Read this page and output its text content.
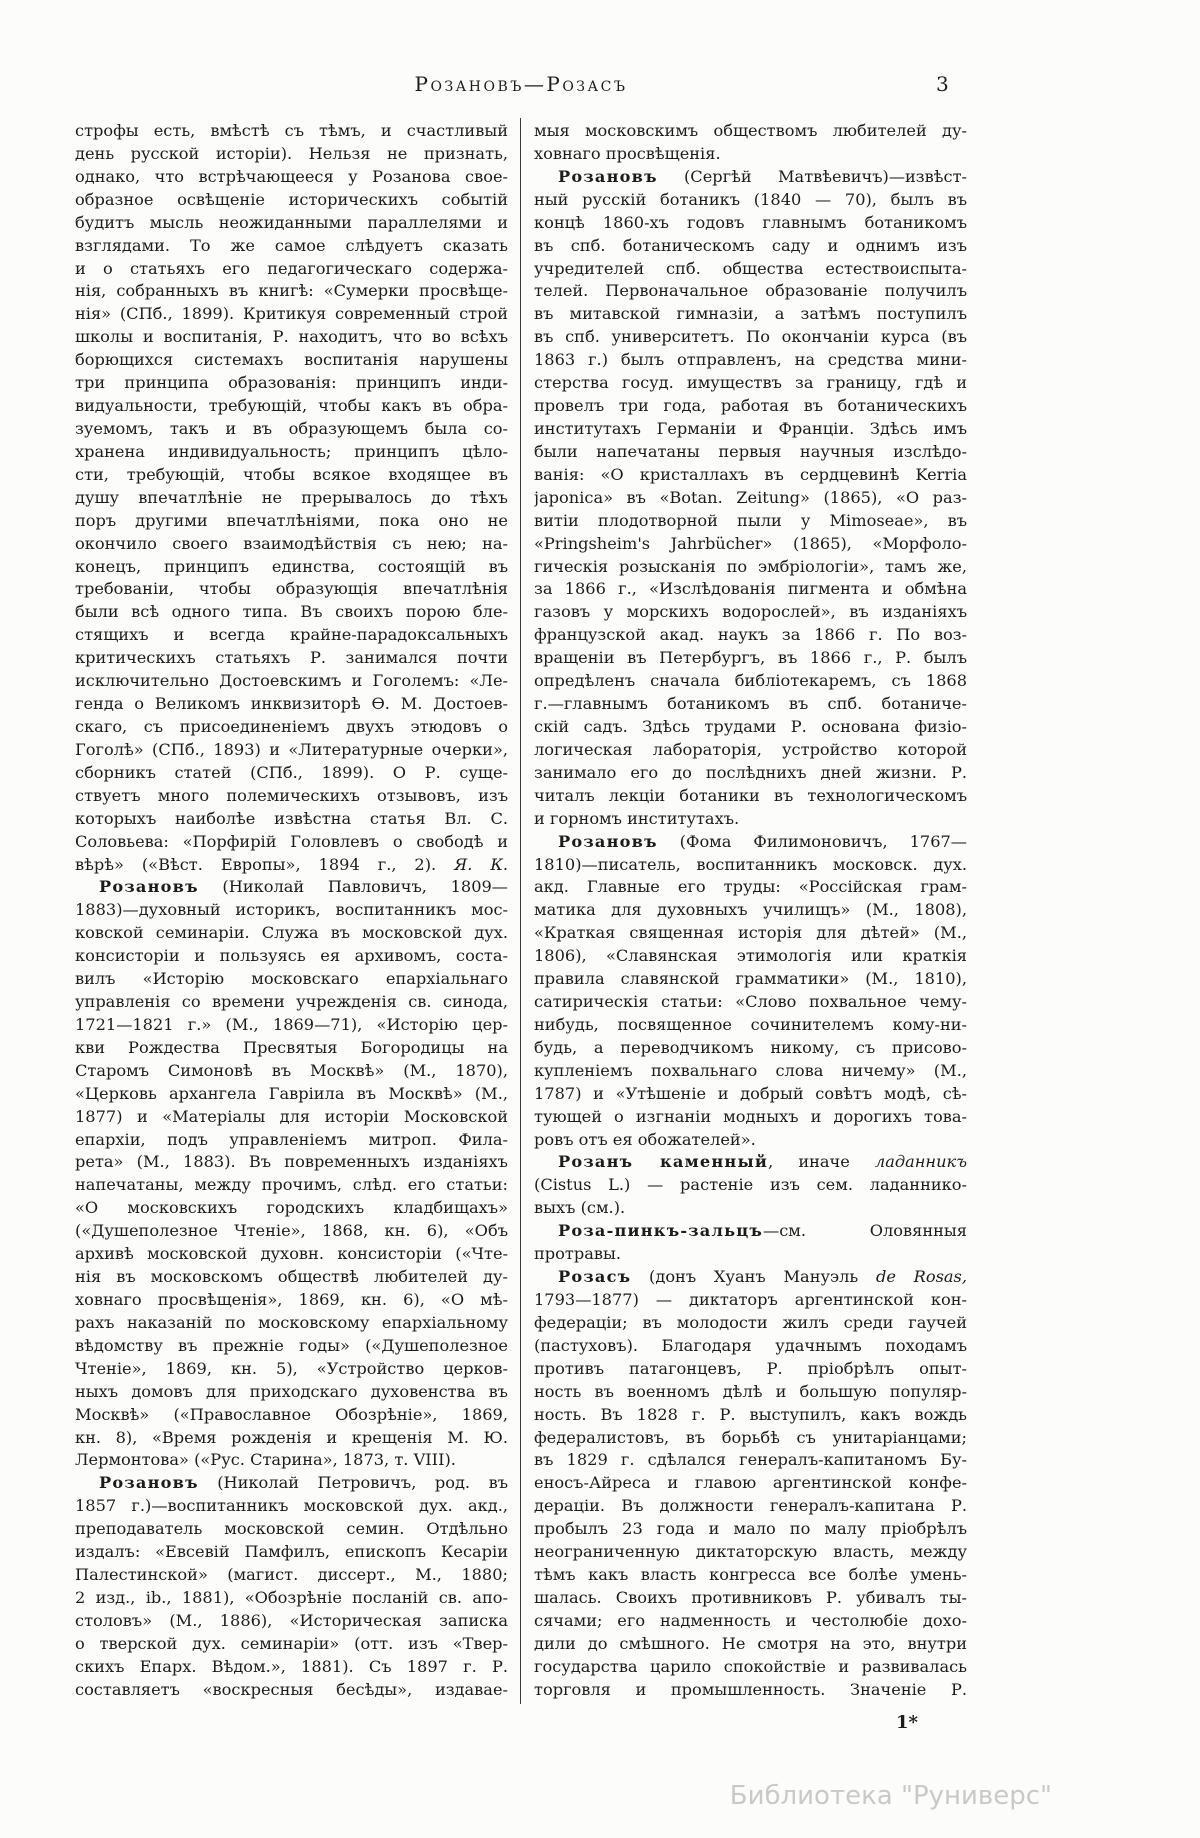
Розановъ—Розасъ	3
строфы есть, вмѣстѣ съ тѣмъ, и счастливый
день русской исторіи). Нельзя не признать,
однако, что встрѣчающееся у Розанова свое-
образное освѣщеніе историческихъ событій
будитъ мысль неожиданными параллелями и
взглядами. То же самое слѣдуетъ сказать
и о статьяхъ его педагогическаго содержа-
нія, собранныхъ въ книгѣ: «Сумерки просвѣще-
нія» (СПб., 1899). Критикуя современный строй
школы и воспитанія, Р. находитъ, что во всѣхъ
борющихся системахъ воспитанія нарушены
три принципа образованія: принципъ инди-
видуальности, требующій, чтобы какъ въ обра-
зуемомъ, такъ и въ образующемъ была со-
хранена индивидуальность; принципъ цѣло-
сти, требующій, чтобы всякое входящее въ
душу впечатлѣніе не прерывалось до тѣхъ
поръ другими впечатлѣніями, пока оно не
окончило своего взаимодѣйствія съ нею; на-
конецъ, принципъ единства, состоящій въ
требованіи, чтобы образующія впечатлѣнія
были всѣ одного типа. Въ своихъ порою бле-
стящихъ и всегда крайне-парадоксальныхъ
критическихъ статьяхъ Р. занимался почти
исключительно Достоевскимъ и Гоголемъ: «Ле-
генда о Великомъ инквизиторѣ Ѳ. М. Достоев-
скаго, съ присоединеніемъ двухъ этюдовъ о
Гоголѣ» (СПб., 1893) и «Литературные очерки»,
сборникъ статей (СПб., 1899). О Р. суще-
ствуетъ много полемическихъ отзывовъ, изъ
которыхъ наиболѣе извѣстна статья Вл. С.
Соловьева: «Порфирій Головлевъ о свободѣ и
вѣрѣ» («Вѣст. Европы», 1894 г., 2). Я. К.
Розановъ (Николай Павловичъ, 1809—
1883)—духовный историкъ, воспитанникъ мос-
ковской семинаріи. Служа въ московской дух.
консисторіи и пользуясь ея архивомъ, соста-
вилъ «Исторію московскаго епархіальнаго
управленія со времени учрежденія св. синода,
1721—1821 г.» (М., 1869—71), «Исторію цер-
кви Рождества Пресвятыя Богородицы на
Старомъ Симоновѣ въ Москвѣ» (М., 1870),
«Церковь архангела Гавріила въ Москвѣ» (М.,
1877) и «Матеріалы для исторіи Московской
епархіи, подъ управленіемъ митроп. Фила-
рета» (М., 1883). Въ повременныхъ изданіяхъ
напечатаны, между прочимъ, слѣд. его статьи:
«О московскихъ городскихъ кладбищахъ»
(«Душеполезное Чтеніе», 1868, кн. 6), «Объ
архивѣ московской духовн. консисторіи («Чте-
нія въ московскомъ обществѣ любителей ду-
ховнаго просвѣщенія», 1869, кн. 6), «О мѣ-
рахъ наказаній по московскому епархіальному
вѣдомству въ прежніе годы» («Душеполезное
Чтеніе», 1869, кн. 5), «Устройство церков-
ныхъ домовъ для приходскаго духовенства въ
Москвѣ» («Православное Обозрѣніе», 1869,
кн. 8), «Время рожденія и крещенія М. Ю.
Лермонтова» («Рус. Старина», 1873, т. VIII).
Розановъ (Николай Петровичъ, род. въ
1857 г.)—воспитанникъ московской дух. акд.,
преподаватель московской семин. Отдѣльно
издалъ: «Евсевій Памфилъ, епископъ Кесаріи
Палестинской» (магист. диссерт., М., 1880;
2 изд., ib., 1881), «Обозрѣніе посланій св. апо-
столовъ» (М., 1886), «Историческая записка
о тверской дух. семинаріи» (отт. изъ «Твер-
скихъ Епарх. Вѣдом.», 1881). Съ 1897 г. Р.
составляетъ «воскресныя бесѣды», издавае-
мыя московскимъ обществомъ любителей ду-
ховнаго просвѣщенія.
Розановъ (Сергѣй Матвѣевичъ)—извѣст-
ный русскій ботаникъ (1840 — 70), былъ въ
концѣ 1860-хъ годовъ главнымъ ботаникомъ
въ спб. ботаническомъ саду и однимъ изъ
учредителей спб. общества естествоиспыта-
телей. Первоначальное образованіе получилъ
въ митавской гимназіи, а затѣмъ поступилъ
въ спб. университетъ. По окончаніи курса (въ
1863 г.) былъ отправленъ, на средства мини-
стерства госуд. имуществъ за границу, гдѣ и
провелъ три года, работая въ ботаническихъ
институтахъ Германіи и Франціи. Здѣсь имъ
были напечатаны первыя научныя изслѣдо-
ванія: «О кристаллахъ въ сердцевинѣ Kerria
japonica» въ «Botan. Zeitung» (1865), «О раз-
витіи плодотворной пыли у Mimoseae», въ
«Pringsheim's Jahrbücher» (1865), «Морфоло-
гическія розысканія по эмбріологіи», тамъ же,
за 1866 г., «Изслѣдованія пигмента и обмѣна
газовъ у морскихъ водорослей», въ изданіяхъ
французской акад. наукъ за 1866 г. По воз-
вращеніи въ Петербургъ, въ 1866 г., Р. былъ
опредѣленъ сначала библіотекаремъ, съ 1868
г.—главнымъ ботаникомъ въ спб. ботаниче-
скій садъ. Здѣсь трудами Р. основана физіо-
логическая лабораторія, устройство которой
занимало его до послѣднихъ дней жизни. Р.
читалъ лекціи ботаники въ технологическомъ
и горномъ институтахъ.
Розановъ (Фома Филимоновичъ, 1767—
1810)—писатель, воспитанникъ московск. дух.
акд. Главные его труды: «Россійская грам-
матика для духовныхъ училищъ» (М., 1808),
«Краткая священная исторія для дѣтей» (М.,
1806), «Славянская этимологія или краткія
правила славянской грамматики» (М., 1810),
сатирическія статьи: «Слово похвальное чему-
нибудь, посвященное сочинителемъ кому-ни-
будь, а переводчикомъ никому, съ присово-
купленіемъ похвальнаго слова ничему» (М.,
1787) и «Утѣшеніе и добрый совѣтъ модѣ, сѣ-
тующей о изгнаніи модныхъ и дорогихъ това-
ровъ отъ ея обожателей».
Розанъ каменный, иначе ладанникъ
(Cistus L.) — растеніе изъ сем. ладаннико-
выхъ (см.).
Роза-пинкъ-зальцъ—см. Оловянныя
протравы.
Розасъ (донъ Хуанъ Мануэль de Rosas,
1793—1877) — диктаторъ аргентинской кон-
федераціи; въ молодости жилъ среди гаучей
(пастуховъ). Благодаря удачнымъ походамъ
противъ патагонцевъ, Р. пріобрѣлъ опыт-
ность въ военномъ дѣлѣ и большую популяр-
ность. Въ 1828 г. Р. выступилъ, какъ вождь
федералистовъ, въ борьбѣ съ унитаріанцами;
въ 1829 г. сдѣлался генералъ-капитаномъ Бу-
еносъ-Айреса и главою аргентинской конфе-
дераціи. Въ должности генералъ-капитана Р.
пробылъ 23 года и мало по малу пріобрѣлъ
неограниченную диктаторскую власть, между
тѣмъ какъ власть конгресса все болѣе умень-
шалась. Своихъ противниковъ Р. убивалъ ты-
сячами; его надменность и честолюбіе дохо-
дили до смѣшного. Не смотря на это, внутри
государства царило спокойствіе и развивалась
торговля и промышленность. Значеніе Р.
1*
Библиотека "Руниверс"
